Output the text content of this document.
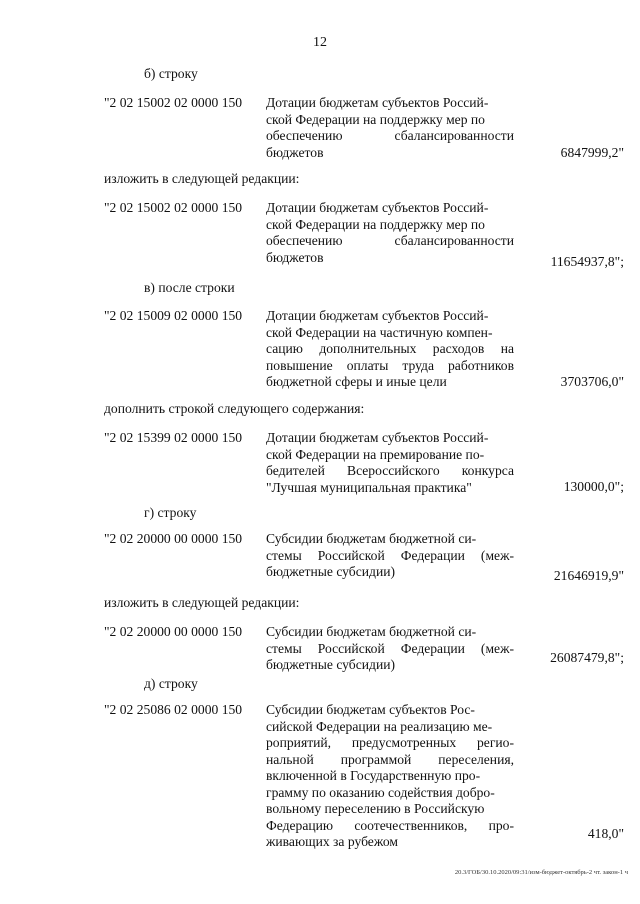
12
б) строку
"2 02 15002 02 0000 150 Дотации бюджетам субъектов Россий-
ской Федерации на поддержку мер по
обеспечению сбалансированности
бюджетов	6847999,2"
изложить в следующей редакции:
"2 02 15002 02 0000 150 Дотации бюджетам субъектов Россий-
ской Федерации на поддержку мер по
обеспечению сбалансированности
бюджетов	11654937,8";
в) после строки
"2 02 15009 02 0000 150 Дотации бюджетам субъектов Россий-
ской Федерации на частичную компен-
сацию дополнительных расходов на
повышение оплаты труда работников
бюджетной сферы и иные цели	3703706,0"
дополнить строкой следующего содержания:
"2 02 15399 02 0000 150 Дотации бюджетам субъектов Россий-
ской Федерации на премирование по-
бедителей Всероссийского конкурса
"Лучшая муниципальная практика"	130000,0";
г) строку
"2 02 20000 00 0000 150 Субсидии бюджетам бюджетной си-
стемы Российской Федерации (меж-
бюджетные субсидии)	21646919,9"
изложить в следующей редакции:
"2 02 20000 00 0000 150 Субсидии бюджетам бюджетной си-
стемы Российской Федерации (меж-
бюджетные субсидии)	26087479,8";
д) строку
"2 02 25086 02 0000 150 Субсидии бюджетам субъектов Рос-
сийской Федерации на реализацию ме-
роприятий, предусмотренных регио-
нальной программой переселения,
включенной в Государственную про-
грамму по оказанию содействия добро-
вольному переселению в Российскую
Федерацию соотечественников, про-
живающих за рубежом
418,0"
20.3/ГОБ/30.10.2020/09:31/изм-бюджет-октябрь-2 чт. закон-1 ч
